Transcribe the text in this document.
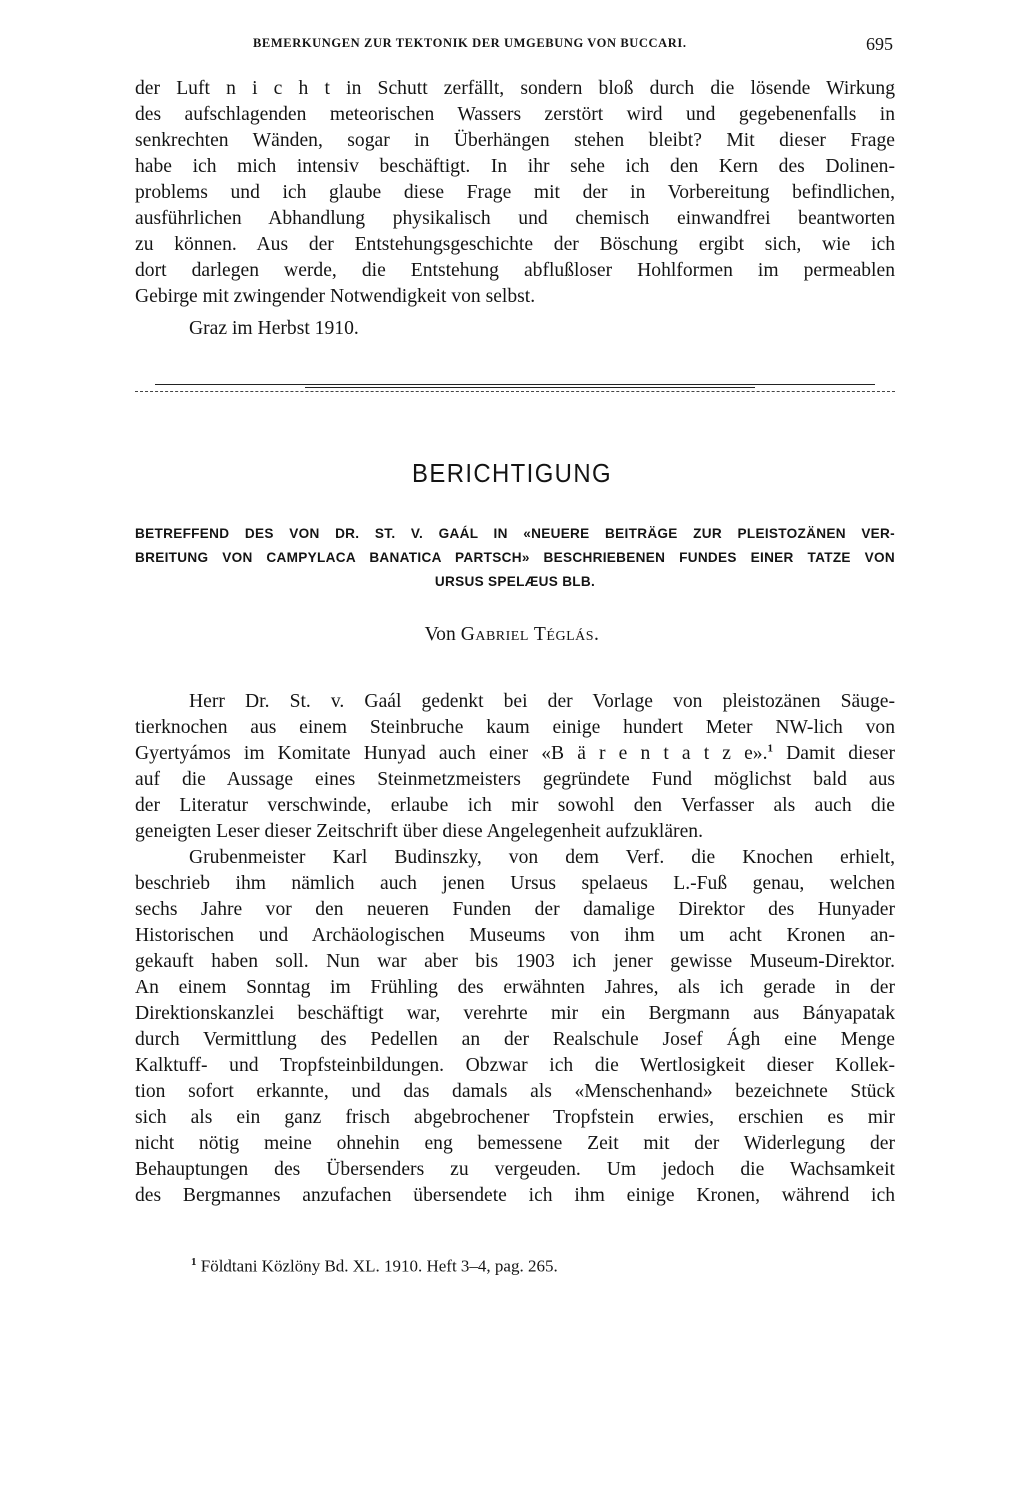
BEMERKUNGEN ZUR TEKTONIK DER UMGEBUNG VON BUCCARI.	695
der Luft n i c h t in Schutt zerfällt, sondern bloß durch die lösende Wirkung
des aufschlagenden meteorischen Wassers zerstört wird und gegebenenfalls in
senkrechten Wänden, sogar in Überhängen stehen bleibt? Mit dieser Frage
habe ich mich intensiv beschäftigt. In ihr sehe ich den Kern des Dolinen-
problems und ich glaube diese Frage mit der in Vorbereitung befindlichen,
ausführlichen Abhandlung physikalisch und chemisch einwandfrei beantworten
zu können. Aus der Entstehungsgeschichte der Böschung ergibt sich, wie ich
dort darlegen werde, die Entstehung abflußloser Hohlformen im permeablen
Gebirge mit zwingender Notwendigkeit von selbst.
Graz im Herbst 1910.
BERICHTIGUNG
BETREFFEND DES VON DR. ST. V. GAÁL IN «NEUERE BEITRÄGE ZUR PLEISTOZÄNEN VER-
BREITUNG VON CAMPYLACA BANATICA PARTSCH» BESCHRIEBENEN FUNDES EINER TATZE VON
URSUS SPELÆUS BLB.
Von Gabriel Téglás.
Herr Dr. St. v. Gaál gedenkt bei der Vorlage von pleistozänen Säuge-
tierknochen aus einem Steinbruche kaum einige hundert Meter NW-lich von
Gyertyámos im Komitate Hunyad auch einer «B ä r e n t a t z e».$^1$ Damit dieser
auf die Aussage eines Steinmetzmeisters gegründete Fund möglichst bald aus
der Literatur verschwinde, erlaube ich mir sowohl den Verfasser als auch die
geneigten Leser dieser Zeitschrift über diese Angelegenheit aufzuklären.
Grubenmeister Karl Budinszky, von dem Verf. die Knochen erhielt,
beschrieb ihm nämlich auch jenen Ursus spelaeus L.-Fuß genau, welchen
sechs Jahre vor den neueren Funden der damalige Direktor des Hunyader
Historischen und Archäologischen Museums von ihm um acht Kronen an-
gekauft haben soll. Nun war aber bis 1903 ich jener gewisse Museum-Direktor.
An einem Sonntag im Frühling des erwähnten Jahres, als ich gerade in der
Direktionskanzlei beschäftigt war, verehrte mir ein Bergmann aus Bányapatak
durch Vermittlung des Pedellen an der Realschule Josef Ágh eine Menge
Kalktuff- und Tropfsteinbildungen. Obzwar ich die Wertlosigkeit dieser Kollek-
tion sofort erkannte, und das damals als «Menschenhand» bezeichnete Stück
sich als ein ganz frisch abgebrochener Tropfstein erwies, erschien es mir
nicht nötig meine ohnehin eng bemessene Zeit mit der Widerlegung der
Behauptungen des Übersenders zu vergeuden. Um jedoch die Wachsamkeit
des Bergmannes anzufachen übersendete ich ihm einige Kronen, während ich
$^1$ Földtani Közlöny Bd. XL. 1910. Heft 3–4, pag. 265.
